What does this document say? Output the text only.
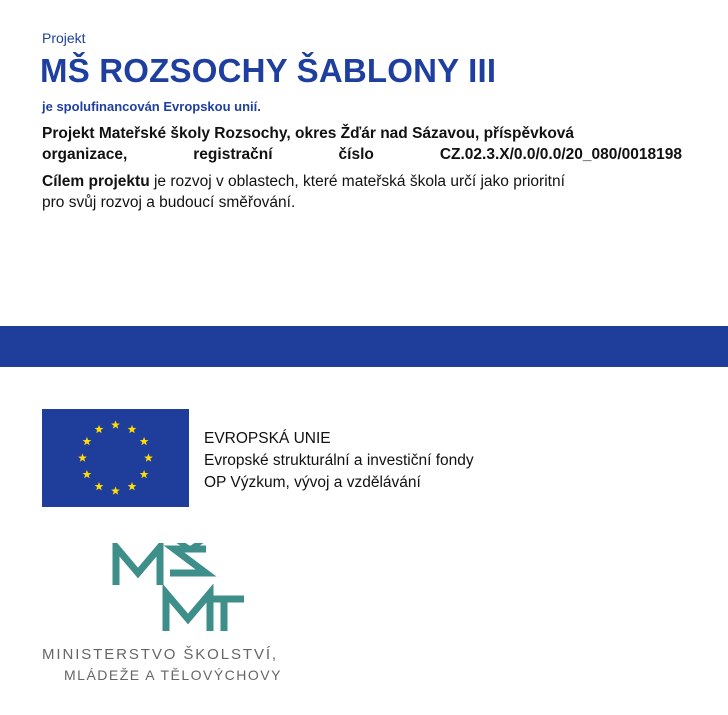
Projekt
MŠ ROZSOCHY ŠABLONY III
je spolufinancován Evropskou unií.
Projekt Mateřské školy Rozsochy, okres Žďár nad Sázavou, příspěvková
organizace,	registrační	číslo	CZ.02.3.X/0.0/0.0/20_080/0018198
Cílem projektu je rozvoj v oblastech, které mateřská škola určí jako prioritní
pro svůj rozvoj a budoucí směřování.
EVROPSKÁ UNIE
Evropské strukturální a investiční fondy
OP Výzkum, vývoj a vzdělávání
MINISTERSTVO ŠKOLSTVÍ,
MLÁDEŽE A TĚLOVÝCHOVY
